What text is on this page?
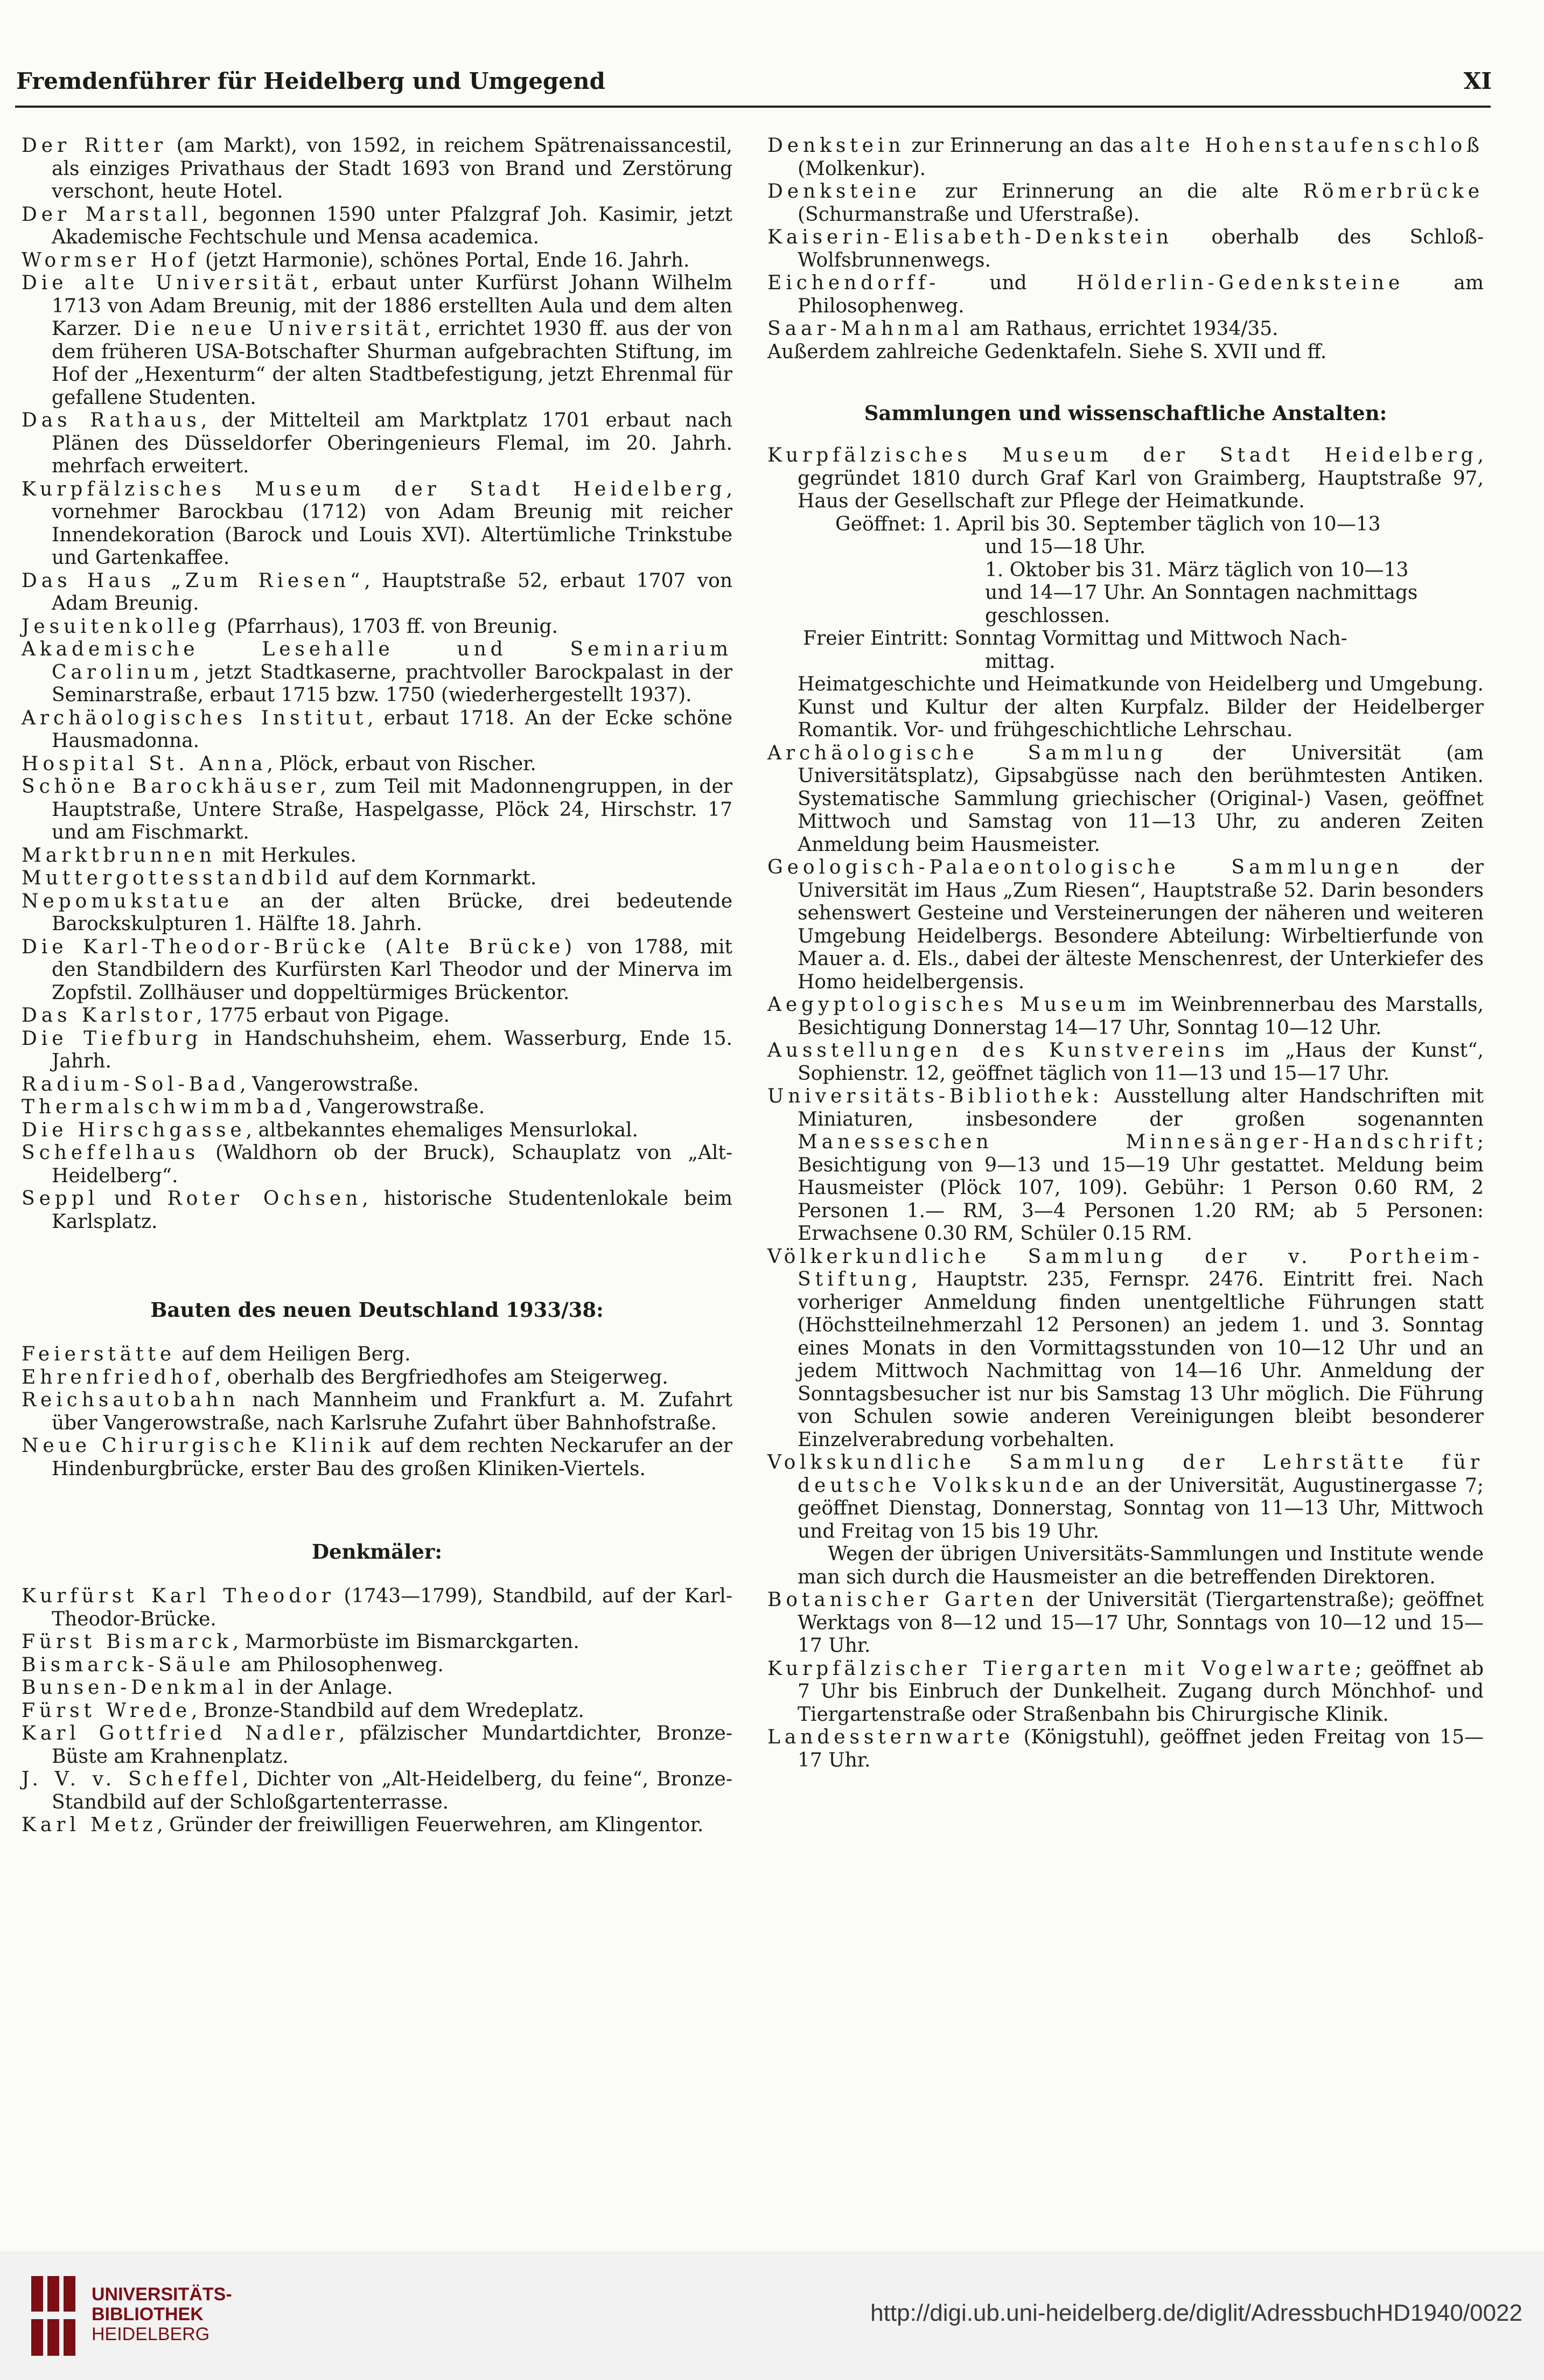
Fremdenführer für Heidelberg und Umgegend	XI

Der Ritter (am Markt), von 1592, in reichem Spätrenaissancestil, als einziges Privathaus der Stadt 1693 von Brand und Zerstörung verschont, heute Hotel.

Der Marstall, begonnen 1590 unter Pfalzgraf Joh. Kasimir, jetzt Akademische Fechtschule und Mensa academica.

Wormser Hof (jetzt Harmonie), schönes Portal, Ende 16. Jahrh.

Die alte Universität, erbaut unter Kurfürst Johann Wilhelm 1713 von Adam Breunig, mit der 1886 erstellten Aula und dem alten Karzer. Die neue Universität, errichtet 1930 ff. aus der von dem früheren USA-Botschafter Shurman aufgebrachten Stiftung, im Hof der „Hexenturm“ der alten Stadtbefestigung, jetzt Ehrenmal für gefallene Studenten.

Das Rathaus, der Mittelteil am Marktplatz 1701 erbaut nach Plänen des Düsseldorfer Oberingenieurs Flemal, im 20. Jahrh. mehrfach erweitert.

Kurpfälzisches Museum der Stadt Heidelberg, vornehmer Barockbau (1712) von Adam Breunig mit reicher Innendekoration (Barock und Louis XVI). Altertümliche Trinkstube und Gartenkaffee.

Das Haus „Zum Riesen“, Hauptstraße 52, erbaut 1707 von Adam Breunig.

Jesuitenkolleg (Pfarrhaus), 1703 ff. von Breunig.

Akademische Lesehalle und Seminarium Carolinum, jetzt Stadtkaserne, prachtvoller Barockpalast in der Seminarstraße, erbaut 1715 bzw. 1750 (wiederhergestellt 1937).

Archäologisches Institut, erbaut 1718. An der Ecke schöne Hausmadonna.

Hospital St. Anna, Plöck, erbaut von Rischer.

Schöne Barockhäuser, zum Teil mit Madonnengruppen, in der Hauptstraße, Untere Straße, Haspelgasse, Plöck 24, Hirschstr. 17 und am Fischmarkt.

Marktbrunnen mit Herkules.

Muttergottesstandbild auf dem Kornmarkt.

Nepomukstatue an der alten Brücke, drei bedeutende Barockskulpturen 1. Hälfte 18. Jahrh.

Die Karl-Theodor-Brücke (Alte Brücke) von 1788, mit den Standbildern des Kurfürsten Karl Theodor und der Minerva im Zopfstil. Zollhäuser und doppeltürmiges Brückentor.

Das Karlstor, 1775 erbaut von Pigage.

Die Tiefburg in Handschuhsheim, ehem. Wasserburg, Ende 15. Jahrh.

Radium-Sol-Bad, Vangerowstraße.

Thermalschwimmbad, Vangerowstraße.

Die Hirschgasse, altbekanntes ehemaliges Mensurlokal.

Scheffelhaus (Waldhorn ob der Bruck), Schauplatz von „Alt-Heidelberg“.

Seppl und Roter Ochsen, historische Studentenlokale beim Karlsplatz.

Bauten des neuen Deutschland 1933/38:

Feierstätte auf dem Heiligen Berg.

Ehrenfriedhof, oberhalb des Bergfriedhofes am Steigerweg.

Reichsautobahn nach Mannheim und Frankfurt a. M. Zufahrt über Vangerowstraße, nach Karlsruhe Zufahrt über Bahnhofstraße.

Neue Chirurgische Klinik auf dem rechten Neckarufer an der Hindenburgbrücke, erster Bau des großen Kliniken-Viertels.

Denkmäler:

Kurfürst Karl Theodor (1743—1799), Standbild, auf der Karl-Theodor-Brücke.

Fürst Bismarck, Marmorbüste im Bismarckgarten.

Bismarck-Säule am Philosophenweg.

Bunsen-Denkmal in der Anlage.

Fürst Wrede, Bronze-Standbild auf dem Wredeplatz.

Karl Gottfried Nadler, pfälzischer Mundartdichter, Bronze-Büste am Krahnenplatz.

J. V. v. Scheffel, Dichter von „Alt-Heidelberg, du feine“, Bronze-Standbild auf der Schloßgartenterrasse.

Karl Metz, Gründer der freiwilligen Feuerwehren, am Klingentor.

Denkstein zur Erinnerung an das alte Hohenstaufenschloß (Molkenkur).

Denksteine zur Erinnerung an die alte Römerbrücke (Schurmanstraße und Uferstraße).

Kaiserin-Elisabeth-Denkstein oberhalb des Schloß-Wolfsbrunnenwegs.

Eichendorff- und Hölderlin-Gedenksteine am Philosophenweg.

Saar-Mahnmal am Rathaus, errichtet 1934/35.

Außerdem zahlreiche Gedenktafeln. Siehe S. XVII und ff.

Sammlungen und wissenschaftliche Anstalten:

Kurpfälzisches Museum der Stadt Heidelberg, gegründet 1810 durch Graf Karl von Graimberg, Hauptstraße 97, Haus der Gesellschaft zur Pflege der Heimatkunde.

Geöffnet: 1. April bis 30. September täglich von 10—13

und 15—18 Uhr.

1. Oktober bis 31. März täglich von 10—13

und 14—17 Uhr. An Sonntagen nachmittags

geschlossen.

Freier Eintritt: Sonntag Vormittag und Mittwoch Nach-

mittag.

Heimatgeschichte und Heimatkunde von Heidelberg und Umgebung. Kunst und Kultur der alten Kurpfalz. Bilder der Heidelberger Romantik. Vor- und frühgeschichtliche Lehrschau.

Archäologische Sammlung der Universität (am Universitätsplatz), Gipsabgüsse nach den berühmtesten Antiken. Systematische Sammlung griechischer (Original-) Vasen, geöffnet Mittwoch und Samstag von 11—13 Uhr, zu anderen Zeiten Anmeldung beim Hausmeister.

Geologisch-Palaeontologische Sammlungen der Universität im Haus „Zum Riesen“, Hauptstraße 52. Darin besonders sehenswert Gesteine und Versteinerungen der näheren und weiteren Umgebung Heidelbergs. Besondere Abteilung: Wirbeltierfunde von Mauer a. d. Els., dabei der älteste Menschenrest, der Unterkiefer des Homo heidelbergensis.

Aegyptologisches Museum im Weinbrennerbau des Marstalls, Besichtigung Donnerstag 14—17 Uhr, Sonntag 10—12 Uhr.

Ausstellungen des Kunstvereins im „Haus der Kunst“, Sophienstr. 12, geöffnet täglich von 11—13 und 15—17 Uhr.

Universitäts-Bibliothek: Ausstellung alter Handschriften mit Miniaturen, insbesondere der großen sogenannten Manesseschen Minnesänger-Handschrift; Besichtigung von 9—13 und 15—19 Uhr gestattet. Meldung beim Hausmeister (Plöck 107, 109). Gebühr: 1 Person 0.60 RM, 2 Personen 1.— RM, 3—4 Personen 1.20 RM; ab 5 Personen: Erwachsene 0.30 RM, Schüler 0.15 RM.

Völkerkundliche Sammlung der v. Portheim-Stiftung, Hauptstr. 235, Fernspr. 2476. Eintritt frei. Nach vorheriger Anmeldung finden unentgeltliche Führungen statt (Höchstteilnehmerzahl 12 Personen) an jedem 1. und 3. Sonntag eines Monats in den Vormittagsstunden von 10—12 Uhr und an jedem Mittwoch Nachmittag von 14—16 Uhr. Anmeldung der Sonntagsbesucher ist nur bis Samstag 13 Uhr möglich. Die Führung von Schulen sowie anderen Vereinigungen bleibt besonderer Einzelverabredung vorbehalten.

Volkskundliche Sammlung der Lehrstätte für deutsche Volkskunde an der Universität, Augustinergasse 7; geöffnet Dienstag, Donnerstag, Sonntag von 11—13 Uhr, Mittwoch und Freitag von 15 bis 19 Uhr.

Wegen der übrigen Universitäts-Sammlungen und Institute wende man sich durch die Hausmeister an die betreffenden Direktoren.

Botanischer Garten der Universität (Tiergartenstraße); geöffnet Werktags von 8—12 und 15—17 Uhr, Sonntags von 10—12 und 15—17 Uhr.

Kurpfälzischer Tiergarten mit Vogelwarte; geöffnet ab 7 Uhr bis Einbruch der Dunkelheit. Zugang durch Mönchhof- und Tiergartenstraße oder Straßenbahn bis Chirurgische Klinik.

Landessternwarte (Königstuhl), geöffnet jeden Freitag von 15—17 Uhr.

UNIVERSITÄTS-
BIBLIOTHEK
HEIDELBERG
http://digi.ub.uni-heidelberg.de/diglit/AdressbuchHD1940/0022
